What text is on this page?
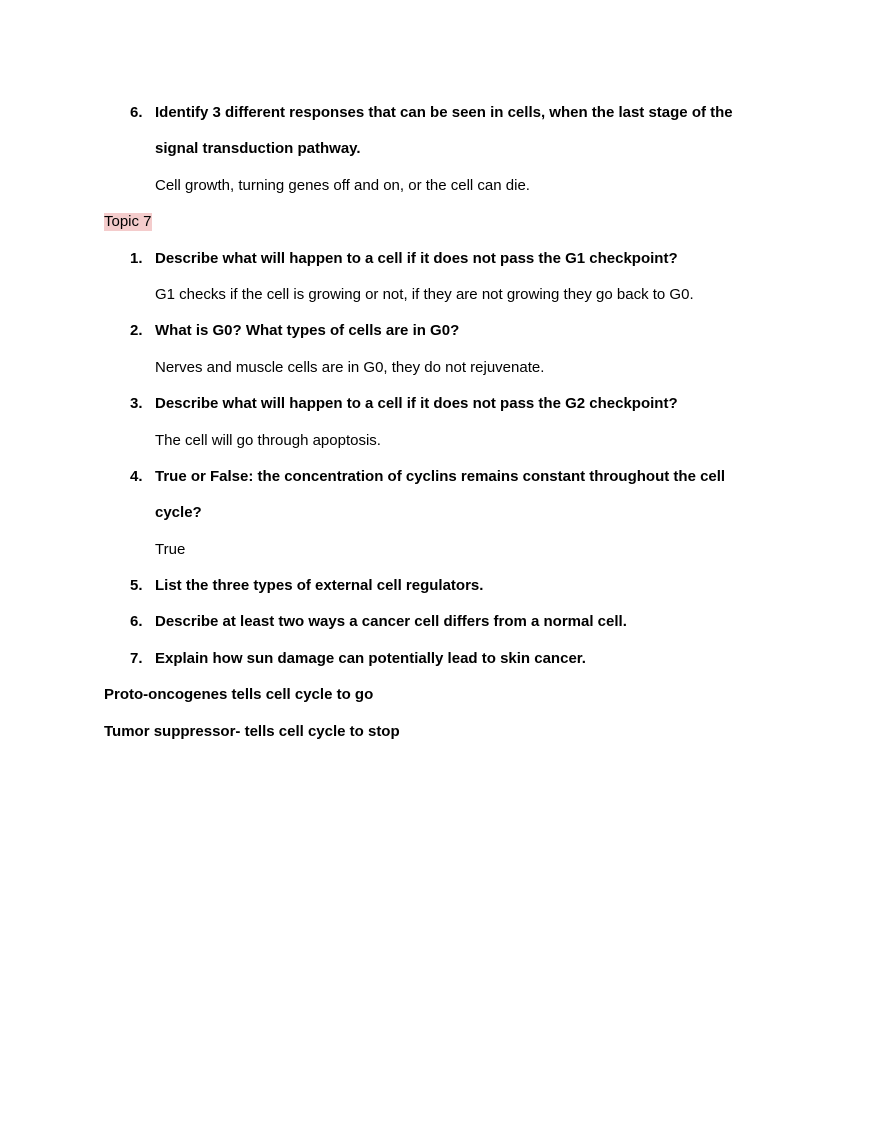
6. Identify 3 different responses that can be seen in cells, when the last stage of the
signal transduction pathway.
Cell growth, turning genes off and on, or the cell can die.
Topic 7
1. Describe what will happen to a cell if it does not pass the G1 checkpoint?
G1 checks if the cell is growing or not, if they are not growing they go back to G0.
2. What is G0? What types of cells are in G0?
Nerves and muscle cells are in G0, they do not rejuvenate.
3. Describe what will happen to a cell if it does not pass the G2 checkpoint?
The cell will go through apoptosis.
4. True or False: the concentration of cyclins remains constant throughout the cell
cycle?
True
5. List the three types of external cell regulators.
6. Describe at least two ways a cancer cell differs from a normal cell.
7. Explain how sun damage can potentially lead to skin cancer.
Proto-oncogenes tells cell cycle to go
Tumor suppressor- tells cell cycle to stop
